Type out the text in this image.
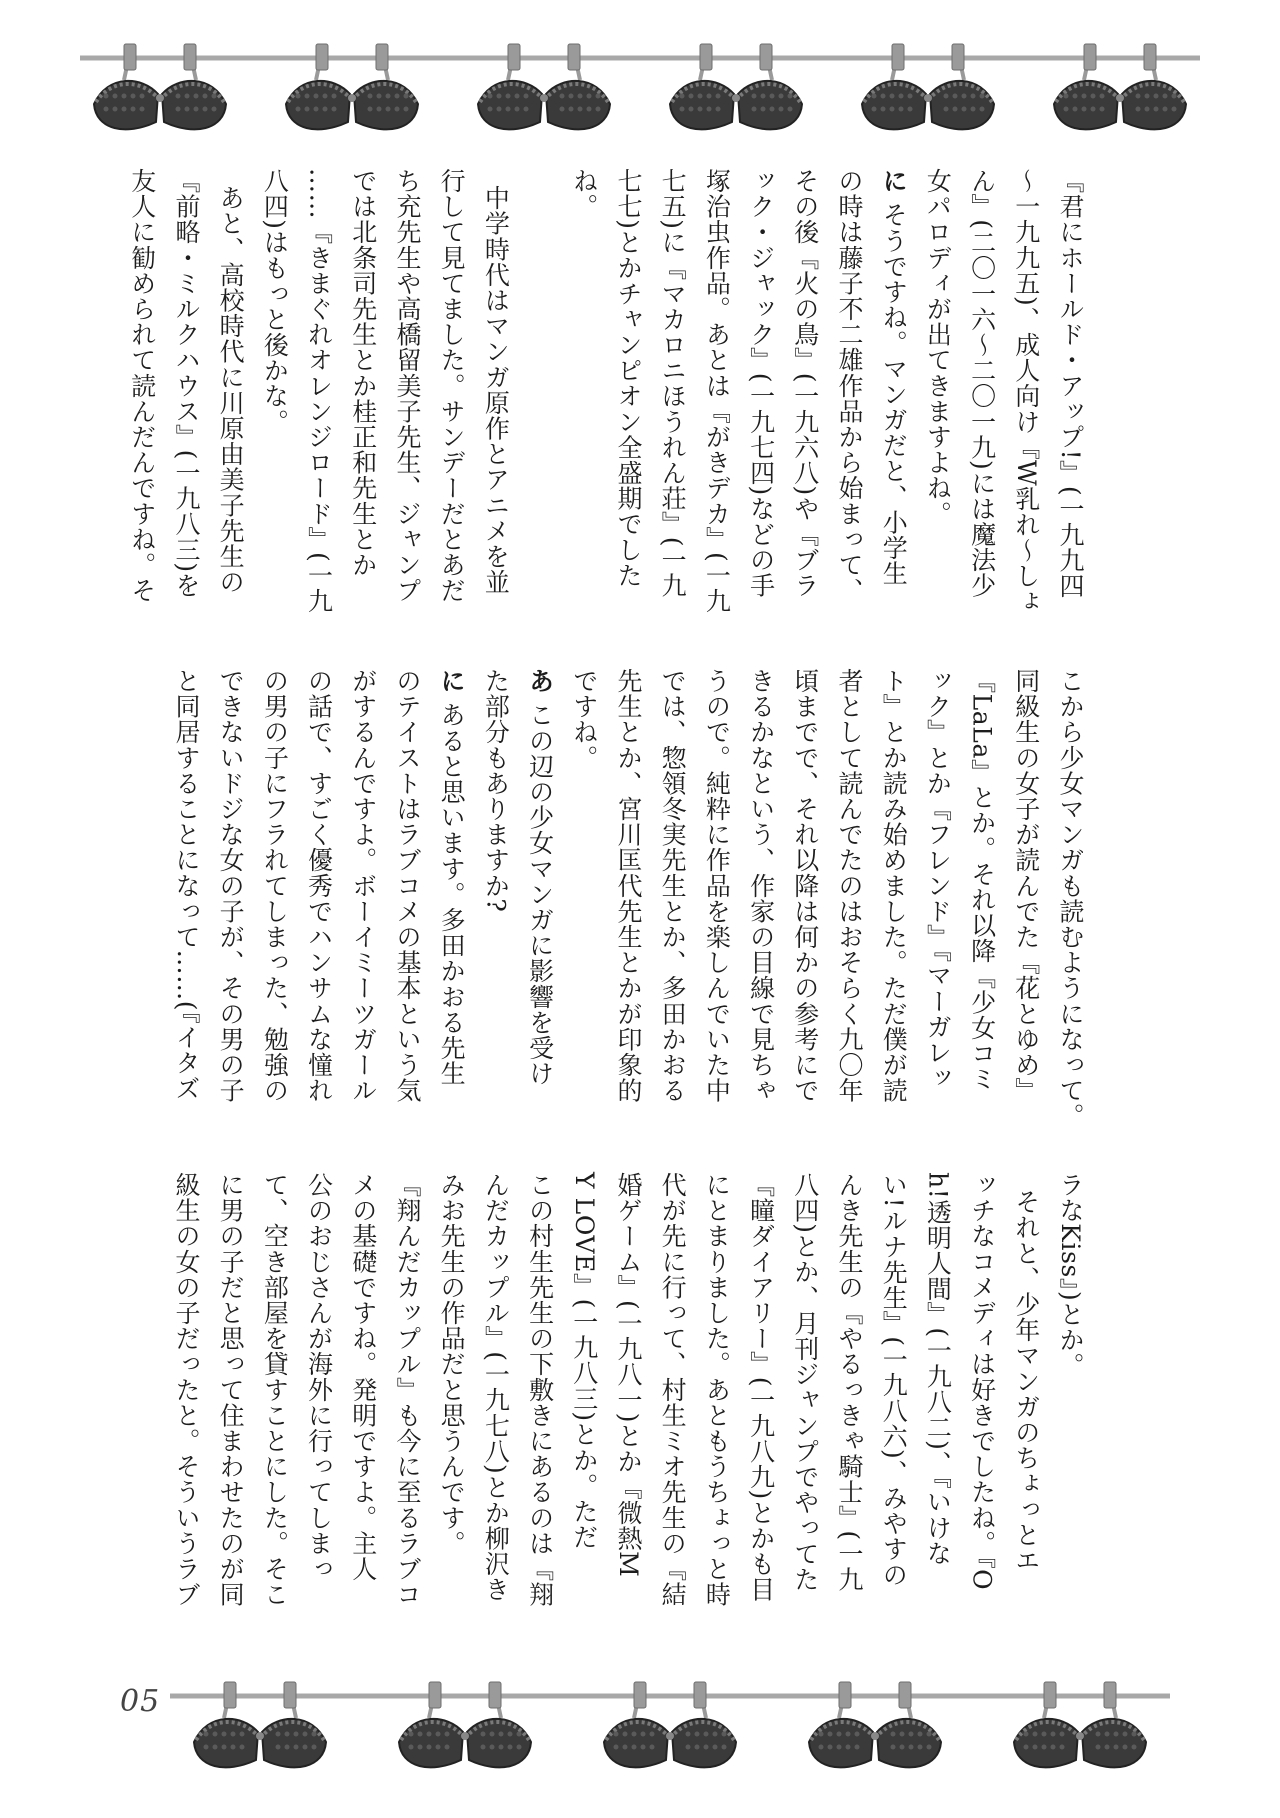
『君にホールド・アップ!』(一九九四
〜一九九五)、成人向け『W乳れ〜しょ
ん』(二〇一六〜二〇一九)には魔法少
女パロディが出てきますよね。
に そうですね。マンガだと、小学生
の時は藤子不二雄作品から始まって、
その後『火の鳥』(一九六八)や『ブラ
ック・ジャック』(一九七四)などの手
塚治虫作品。あとは『がきデカ』(一九
七五)に『マカロニほうれん荘』(一九
七七)とかチャンピオン全盛期でした
ね。

中学時代はマンガ原作とアニメを並
行して見てました。サンデーだとあだ
ち充先生や高橋留美子先生、ジャンプ
では北条司先生とか桂正和先生とか
……『きまぐれオレンジロード』(一九
八四)はもっと後かな。
あと、高校時代に川原由美子先生の
『前略・ミルクハウス』(一九八三)を
友人に勧められて読んだんですね。そ
こから少女マンガも読むようになって。
同級生の女子が読んでた『花とゆめ』
『LaLa』とか。それ以降『少女コミ
ック』とか『フレンド』『マーガレッ
ト』とか読み始めました。ただ僕が読
者として読んでたのはおそらく九〇年
頃までで、それ以降は何かの参考にで
きるかなという、作家の目線で見ちゃ
うので。純粋に作品を楽しんでいた中
では、惣領冬実先生とか、多田かおる
先生とか、宮川匡代先生とかが印象的
ですね。
あ この辺の少女マンガに影響を受け
た部分もありますか?
に あると思います。多田かおる先生
のテイストはラブコメの基本という気
がするんですよ。ボーイミーツガール
の話で、すごく優秀でハンサムな憧れ
の男の子にフラれてしまった、勉強の
できないドジな女の子が、その男の子
と同居することになって……(『イタズ
ラなKiss』)とか。
それと、少年マンガのちょっとエ
ッチなコメディは好きでしたね。『O
h!透明人間』(一九八二)、『いけな
い!ルナ先生』(一九八六)、みやすの
んき先生の『やるっきゃ騎士』(一九
八四)とか、月刊ジャンプでやってた
『瞳ダイアリー』(一九八九)とかも目
にとまりました。あともうちょっと時
代が先に行って、村生ミオ先生の『結
婚ゲーム』(一九八一)とか『微熱M
Y LOVE』(一九八三)とか。ただ
この村生先生の下敷きにあるのは『翔
んだカップル』(一九七八)とか柳沢き
みお先生の作品だと思うんです。
『翔んだカップル』も今に至るラブコ
メの基礎ですね。発明ですよ。主人
公のおじさんが海外に行ってしまっ
て、空き部屋を貸すことにした。そこ
に男の子だと思って住まわせたのが同
級生の女の子だったと。そういうラブ
05
